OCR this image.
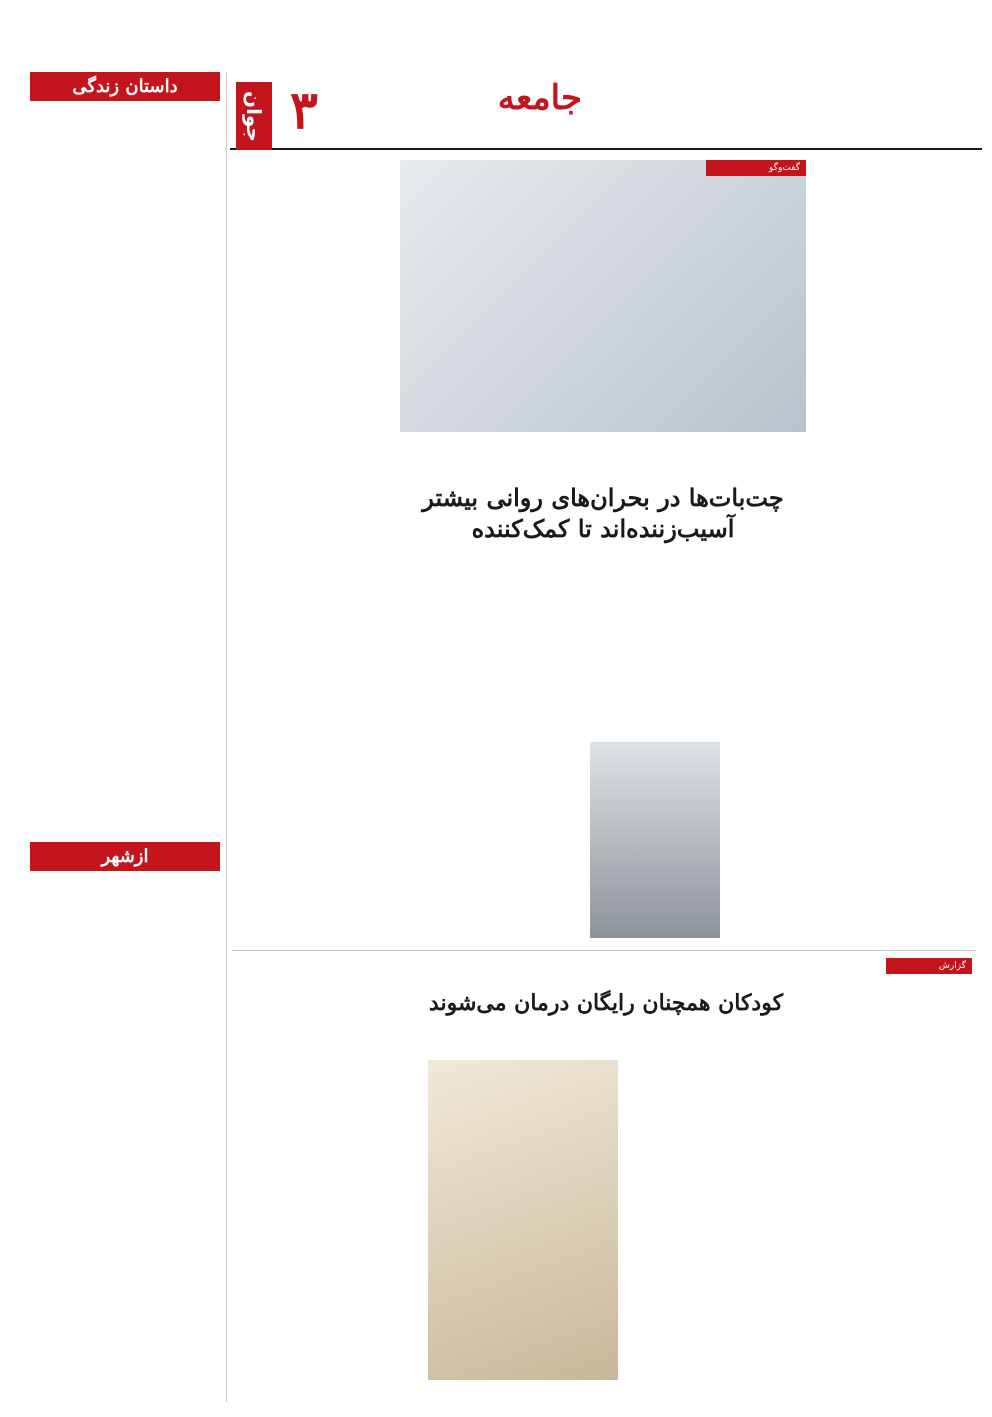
جوان ۳	جامعه
داستان زندگی
ازشهر
گفت‌وگو
چت‌بات‌ها در بحران‌های روانی بیشتر آسیب‌زننده‌اند تا کمک‌کننده
گزارش
کودکان همچنان رایگان درمان می‌شوند
